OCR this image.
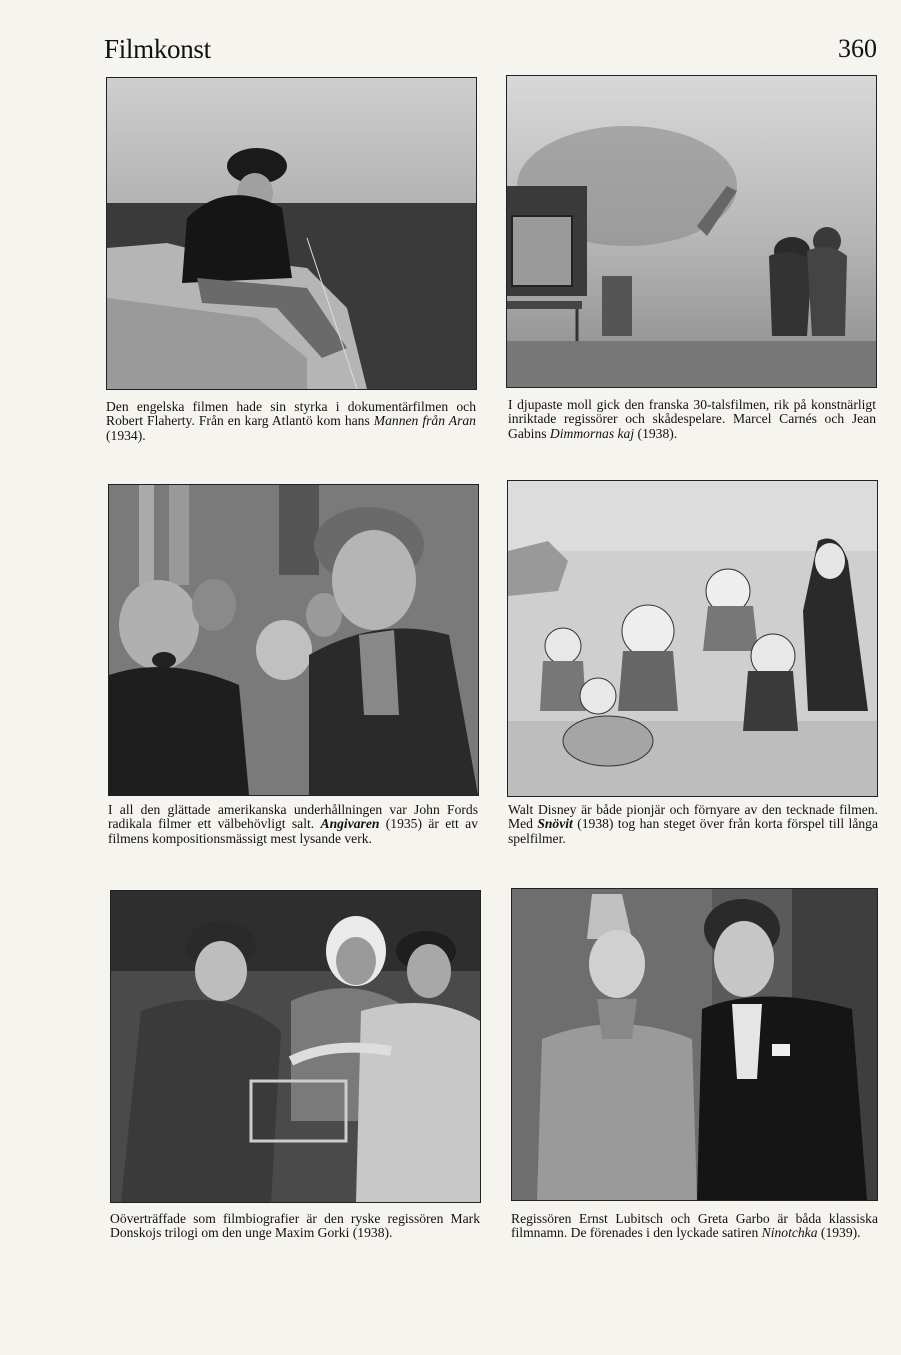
Filmkonst	360
Den engelska filmen hade sin styrka i dokumentärfilmen och Robert Flaherty. Från en karg Atlantö kom hans Mannen från Aran (1934).
I djupaste moll gick den franska 30-talsfilmen, rik på konstnärligt inriktade regissörer och skådespelare. Marcel Carnés och Jean Gabins Dimmornas kaj (1938).
I all den glättade amerikanska underhållningen var John Fords radikala filmer ett välbehövligt salt. Angivaren (1935) är ett av filmens kompositionsmässigt mest lysande verk.
Walt Disney är både pionjär och förnyare av den tecknade filmen. Med Snövit (1938) tog han steget över från korta förspel till långa spelfilmer.
Oöverträffade som filmbiografier är den ryske regissören Mark Donskojs trilogi om den unge Maxim Gorki (1938).
Regissören Ernst Lubitsch och Greta Garbo är båda klassiska filmnamn. De förenades i den lyckade satiren Ninotchka (1939).
